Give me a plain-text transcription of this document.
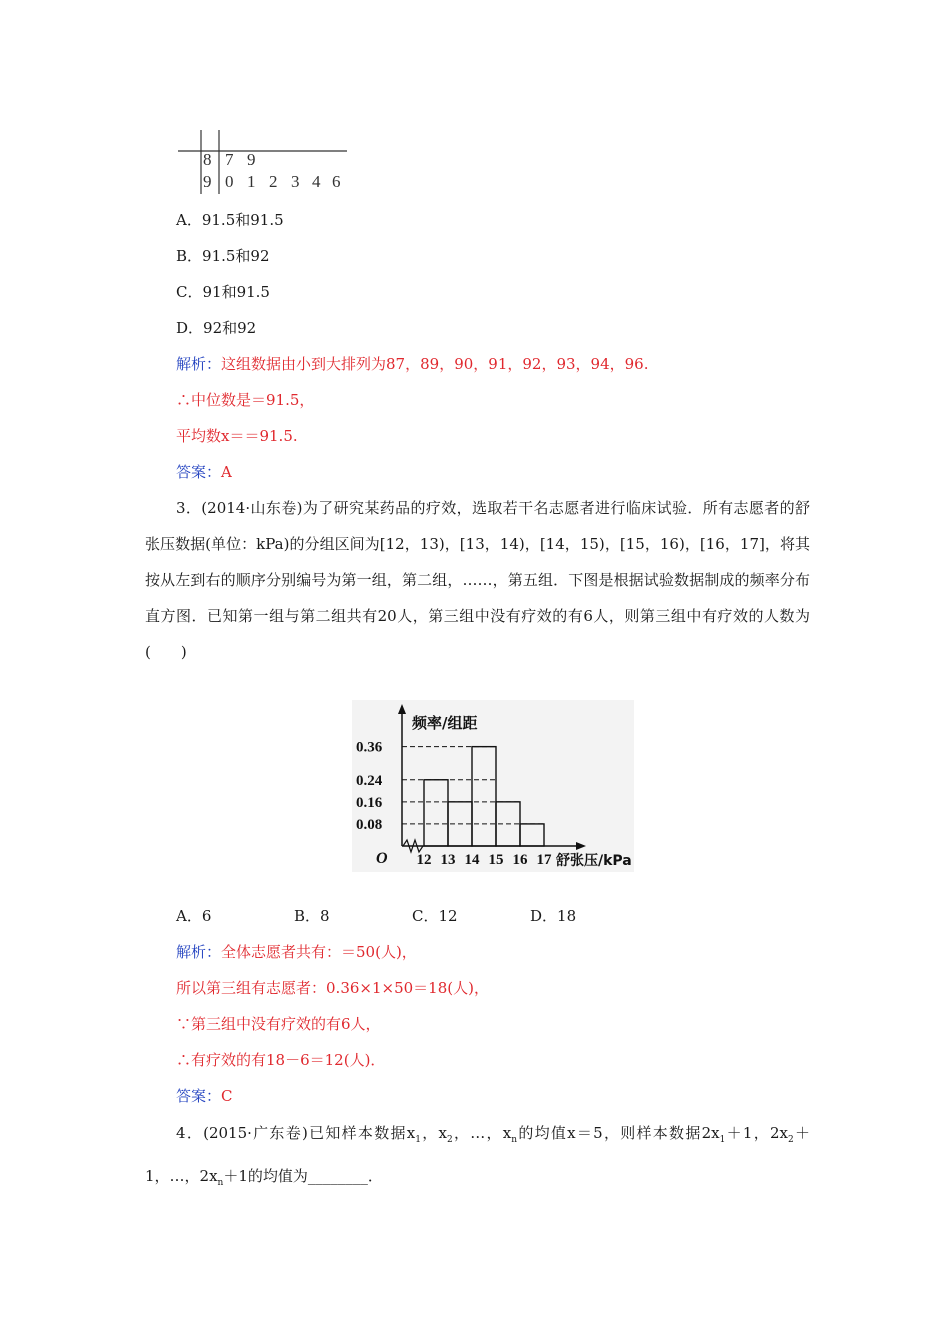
8 7 9
9 0 1 2 3 4 6
A．91.5和91.5
B．91.5和92
C．91和91.5
D．92和92
解析：这组数据由小到大排列为87，89，90，91，92，93，94，96.
∴中位数是＝91.5，
平均数x＝＝91.5.
答案：A
3．(2014·山东卷)为了研究某药品的疗效，选取若干名志愿者进行临床试验．所有志愿者的舒张压数据(单位：kPa)的分组区间为[12，13)，[13，14)，[14，15)，[15，16)，[16，17]，将其按从左到右的顺序分别编号为第一组，第二组，……，第五组．下图是根据试验数据制成的频率分布直方图．已知第一组与第二组共有20人，第三组中没有疗效的有6人，则第三组中有疗效的人数为(　　)
O
频率/组距
0.36
0.24
0.16
0.08
12 13 14 15 16 17 舒张压/kPa
A．6	B．8	C．12	D．18
解析：全体志愿者共有：＝50(人)，
所以第三组有志愿者：0.36×1×50＝18(人)，
∵第三组中没有疗效的有6人，
∴有疗效的有18－6＝12(人)．
答案：C
4．(2015·广东卷)已知样本数据$x_1$，$x_2$，…，$x_n$的均值x＝5，则样本数据$2x_1+1$，$2x_2+1$，…，$2x_n+1$的均值为________．
